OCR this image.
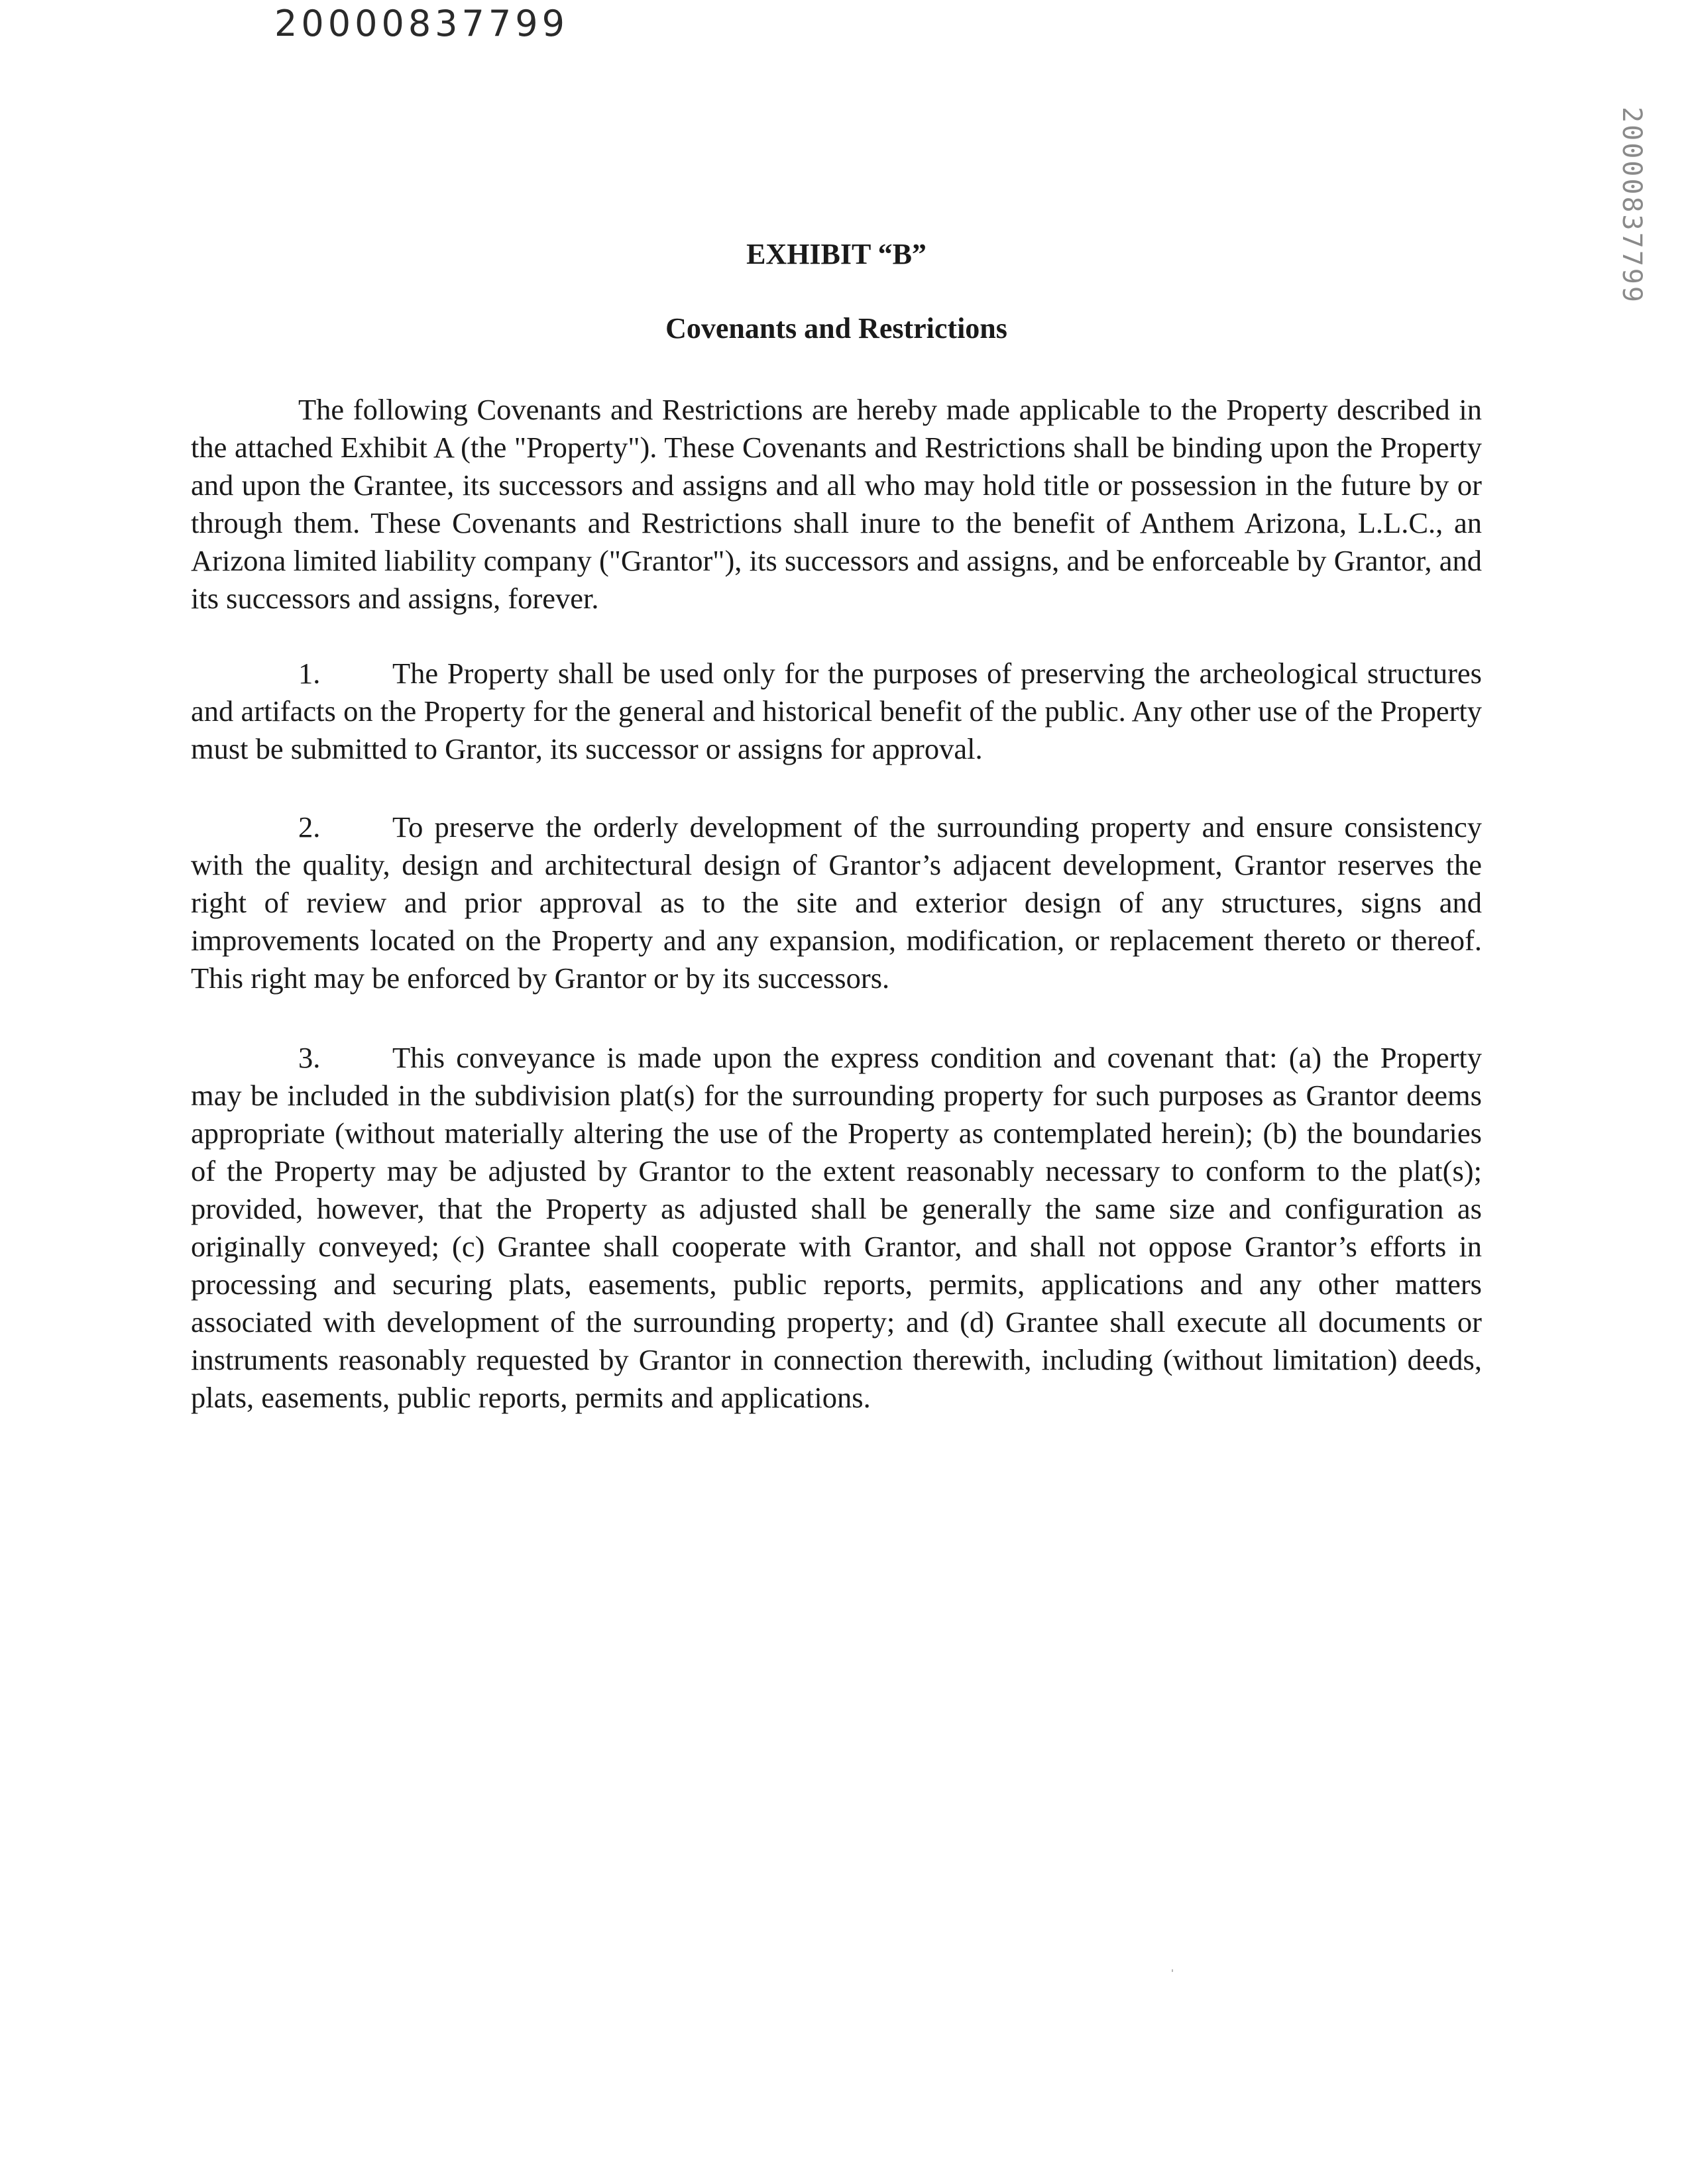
20000837799
20000837799
EXHIBIT “B”
Covenants and Restrictions

The following Covenants and Restrictions are hereby made applicable to the Property described in the attached Exhibit A (the "Property"). These Covenants and Restrictions shall be binding upon the Property and upon the Grantee, its successors and assigns and all who may hold title or possession in the future by or through them. These Covenants and Restrictions shall inure to the benefit of Anthem Arizona, L.L.C., an Arizona limited liability company ("Grantor"), its successors and assigns, and be enforceable by Grantor, and its successors and assigns, forever.

1. The Property shall be used only for the purposes of preserving the archeological structures and artifacts on the Property for the general and historical benefit of the public. Any other use of the Property must be submitted to Grantor, its successor or assigns for approval.

2. To preserve the orderly development of the surrounding property and ensure consistency with the quality, design and architectural design of Grantor’s adjacent development, Grantor reserves the right of review and prior approval as to the site and exterior design of any structures, signs and improvements located on the Property and any expansion, modification, or replacement thereto or thereof. This right may be enforced by Grantor or by its successors.

3. This conveyance is made upon the express condition and covenant that: (a) the Property may be included in the subdivision plat(s) for the surrounding property for such purposes as Grantor deems appropriate (without materially altering the use of the Property as contemplated herein); (b) the boundaries of the Property may be adjusted by Grantor to the extent reasonably necessary to conform to the plat(s); provided, however, that the Property as adjusted shall be generally the same size and configuration as originally conveyed; (c) Grantee shall cooperate with Grantor, and shall not oppose Grantor’s efforts in processing and securing plats, easements, public reports, permits, applications and any other matters associated with development of the surrounding property; and (d) Grantee shall execute all documents or instruments reasonably requested by Grantor in connection therewith, including (without limitation) deeds, plats, easements, public reports, permits and applications.
